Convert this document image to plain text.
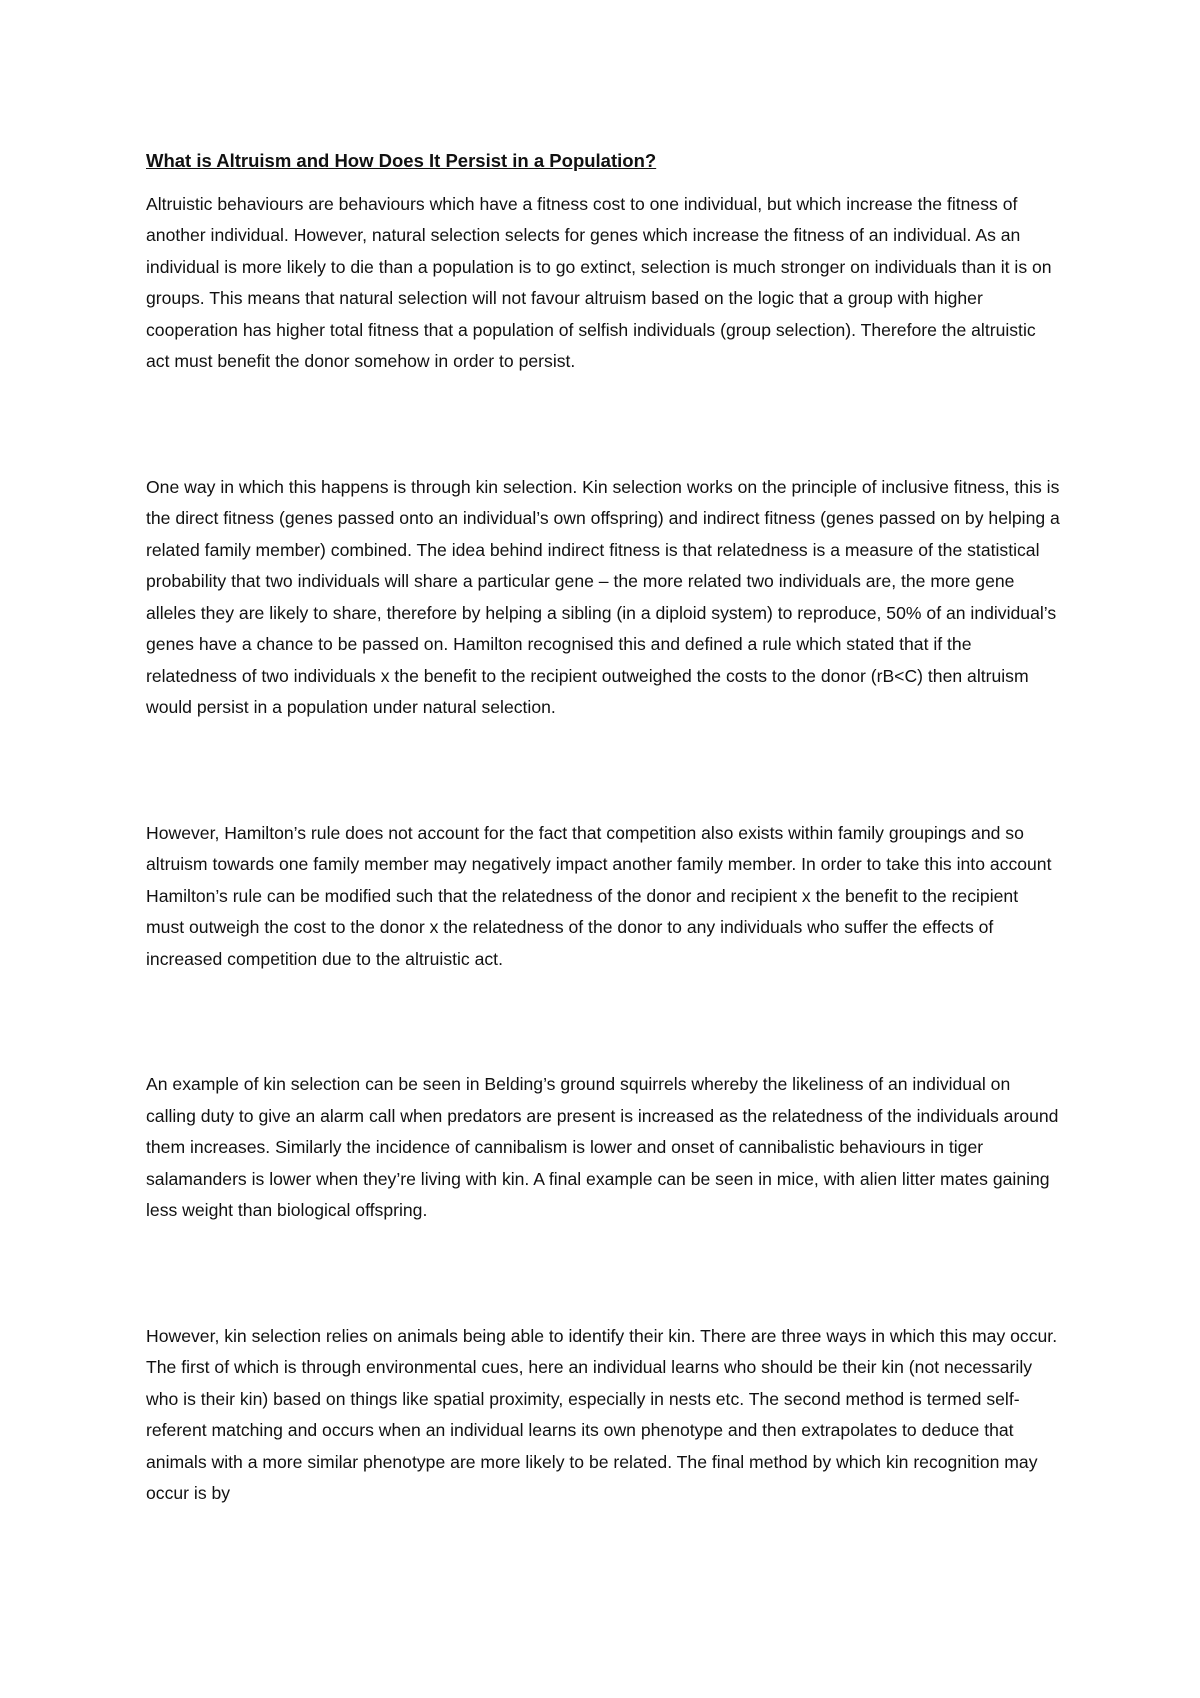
What is Altruism and How Does It Persist in a Population?

Altruistic behaviours are behaviours which have a fitness cost to one individual, but which increase the fitness of another individual. However, natural selection selects for genes which increase the fitness of an individual. As an individual is more likely to die than a population is to go extinct, selection is much stronger on individuals than it is on groups. This means that natural selection will not favour altruism based on the logic that a group with higher cooperation has higher total fitness that a population of selfish individuals (group selection). Therefore the altruistic act must benefit the donor somehow in order to persist.

One way in which this happens is through kin selection. Kin selection works on the principle of inclusive fitness, this is the direct fitness (genes passed onto an individual’s own offspring) and indirect fitness (genes passed on by helping a related family member) combined. The idea behind indirect fitness is that relatedness is a measure of the statistical probability that two individuals will share a particular gene – the more related two individuals are, the more gene alleles they are likely to share, therefore by helping a sibling (in a diploid system) to reproduce, 50% of an individual’s genes have a chance to be passed on. Hamilton recognised this and defined a rule which stated that if the relatedness of two individuals x the benefit to the recipient outweighed the costs to the donor (rB<C) then altruism would persist in a population under natural selection.

However, Hamilton’s rule does not account for the fact that competition also exists within family groupings and so altruism towards one family member may negatively impact another family member. In order to take this into account Hamilton’s rule can be modified such that the relatedness of the donor and recipient x the benefit to the recipient must outweigh the cost to the donor x the relatedness of the donor to any individuals who suffer the effects of increased competition due to the altruistic act.

An example of kin selection can be seen in Belding’s ground squirrels whereby the likeliness of an individual on calling duty to give an alarm call when predators are present is increased as the relatedness of the individuals around them increases. Similarly the incidence of cannibalism is lower and onset of cannibalistic behaviours in tiger salamanders is lower when they’re living with kin. A final example can be seen in mice, with alien litter mates gaining less weight than biological offspring.

However, kin selection relies on animals being able to identify their kin. There are three ways in which this may occur. The first of which is through environmental cues, here an individual learns who should be their kin (not necessarily who is their kin) based on things like spatial proximity, especially in nests etc. The second method is termed self-referent matching and occurs when an individual learns its own phenotype and then extrapolates to deduce that animals with a more similar phenotype are more likely to be related. The final method by which kin recognition may occur is by
